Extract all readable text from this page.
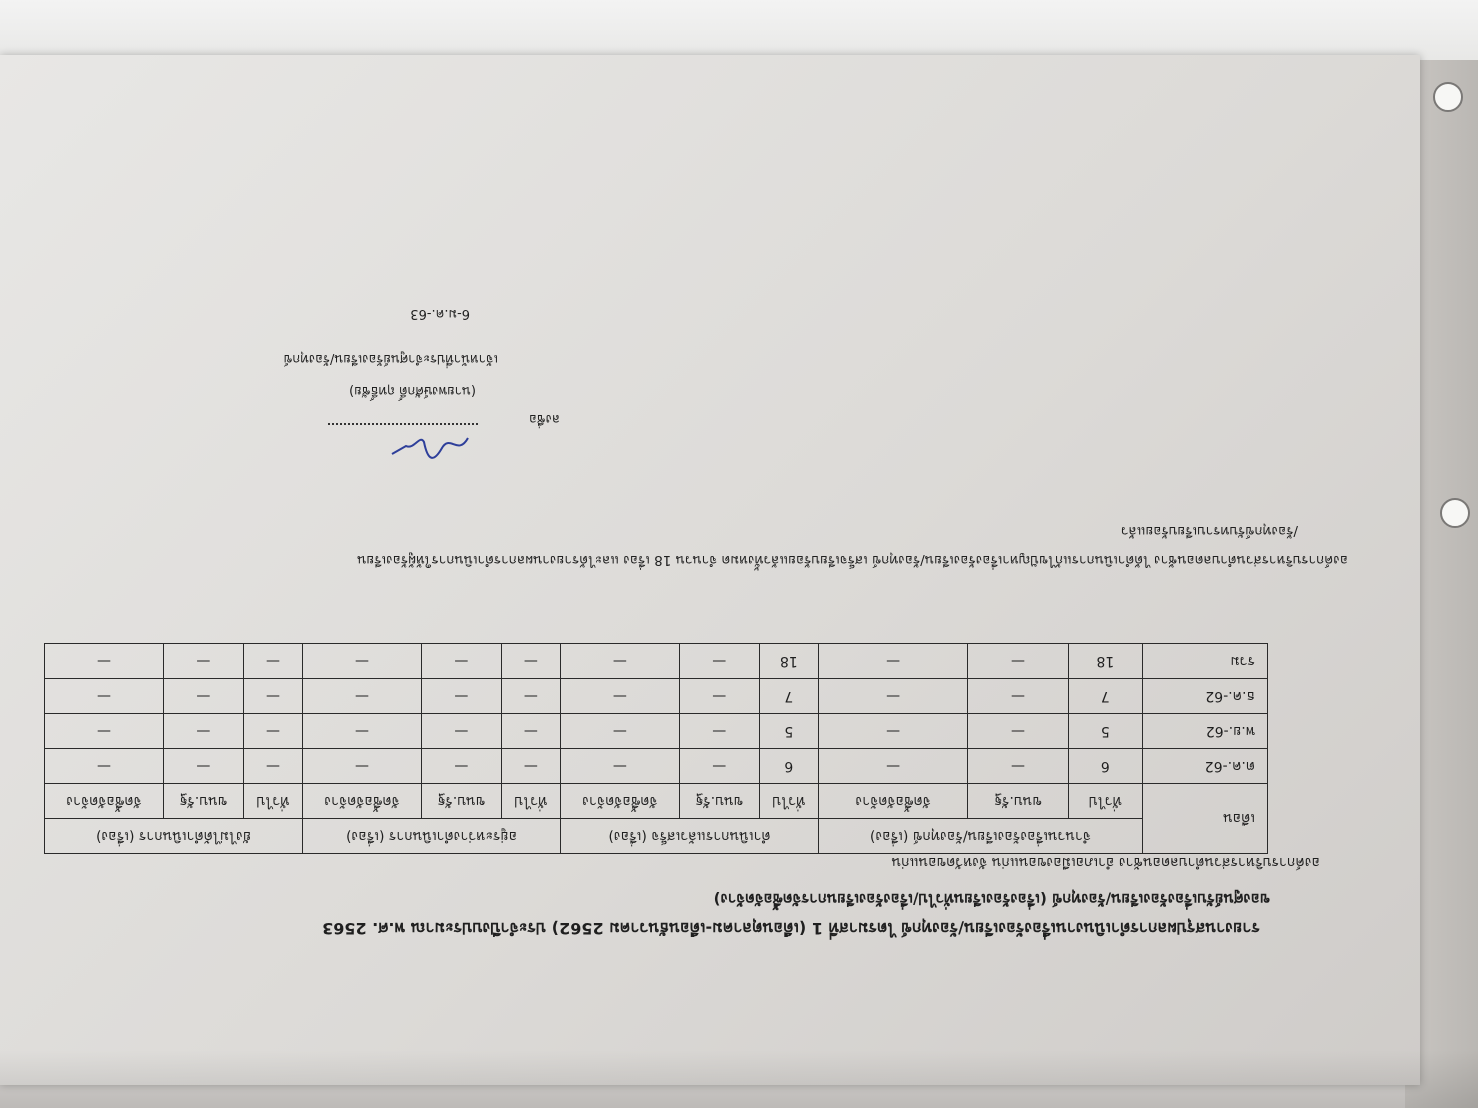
รายงานสรุปผลการดำเนินงานเรื่องร้องเรียน/ร้องทุกข์ ไตรมาสที่ 1 (เดือนตุลาคม-เดือนธันวาคม 2562) ประจำปีงบประมาณ พ.ศ. 2563
ของศูนย์รับเรื่องร้องเรียน/ร้องทุกข์ (เรื่องร้องเรียนทั่วไป/เรื่องร้องเรียนการจัดซื้อจัดจ้าง)
องค์การบริหารส่วนตำบลดอนช้าง อำเภอเมืองขอนแก่น จังหวัดขอนแก่น
เดือน	จำนวนเรื่องร้องเรียน/ร้องทุกข์ (เรื่อง)			ดำเนินการแล้วเสร็จ (เรื่อง)			อยู่ระหว่างดำเนินการ (เรื่อง)			ยังไม่ได้ดำเนินการ (เรื่อง)		
	ทั่วไป	ขนบ.รัฐ	จัดซื้อจัดจ้าง	ทั่วไป	ขนบ.รัฐ	จัดซื้อจัดจ้าง	ทั่วไป	ขนบ.รัฐ	จัดซื้อจัดจ้าง	ทั่วไป	ขนบ.รัฐ	จัดซื้อจัดจ้าง
ต.ค.-62	6	—	—	6	—	—	—	—	—	—	—	—
พ.ย.-62	5	—	—	5	—	—	—	—	—	—	—	—
ธ.ค.-62	7	—	—	7	—	—	—	—	—	—	—	—
รวม	18	—	—	18	—	—	—	—	—	—	—	—
องค์การบริหารส่วนตำบลดอนช้าง ได้ดำเนินการแก้ไขปัญหาเรื่องร้องเรียน/ร้องทุกข์ เสร็จเรียบร้อยแล้วทั้งหมด จำนวน 18 เรื่อง และได้รายงานผลการดำเนินการให้ผู้ร้องเรียน
/ร้องทุกข์รับทราบเรียบร้อยแล้ว
ลงชื่อ
(นายพงษ์ศักดิ์ ฤทธิ์ชัย)
เจ้าหน้าที่ประจำศูนย์ร้องเรียน/ร้องทุกข์
6-ม.ค.-63
